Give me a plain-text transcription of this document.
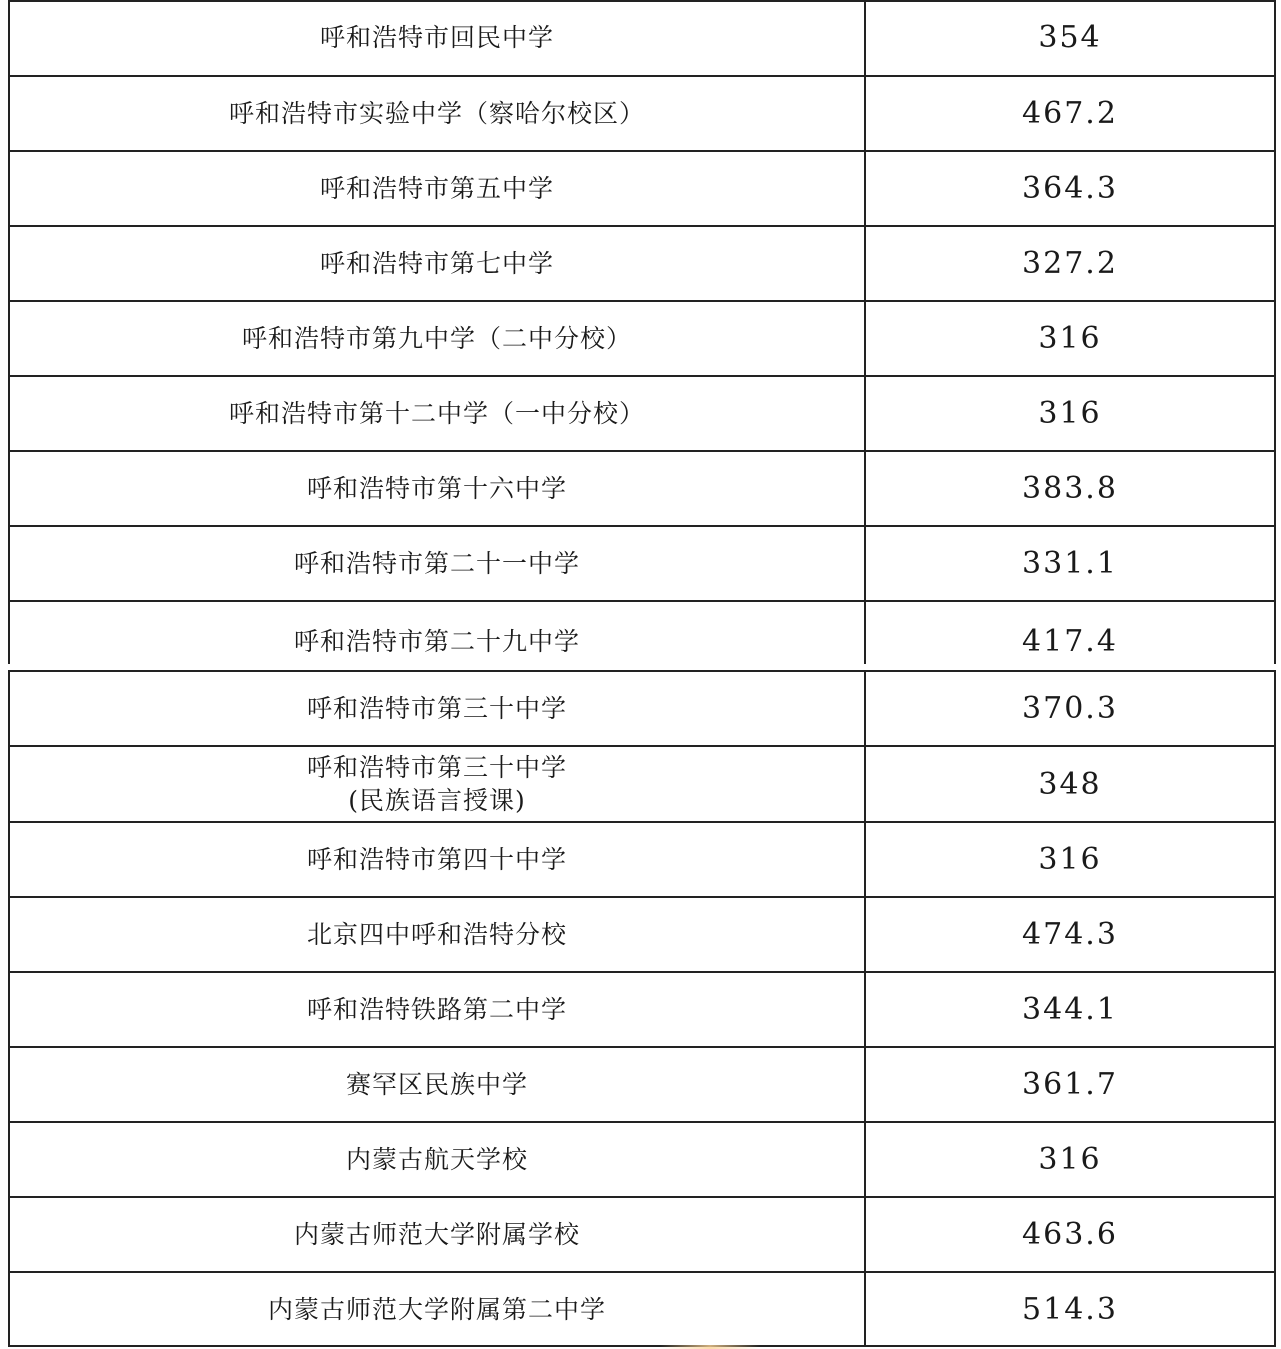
呼和浩特市回民中学	354
呼和浩特市实验中学（察哈尔校区）	467.2
呼和浩特市第五中学	364.3
呼和浩特市第七中学	327.2
呼和浩特市第九中学（二中分校）	316
呼和浩特市第十二中学（一中分校）	316
呼和浩特市第十六中学	383.8
呼和浩特市第二十一中学	331.1
呼和浩特市第二十九中学	417.4
呼和浩特市第三十中学	370.3
呼和浩特市第三十中学
(民族语言授课)	348
呼和浩特市第四十中学	316
北京四中呼和浩特分校	474.3
呼和浩特铁路第二中学	344.1
赛罕区民族中学	361.7
内蒙古航天学校	316
内蒙古师范大学附属学校	463.6
内蒙古师范大学附属第二中学	514.3
